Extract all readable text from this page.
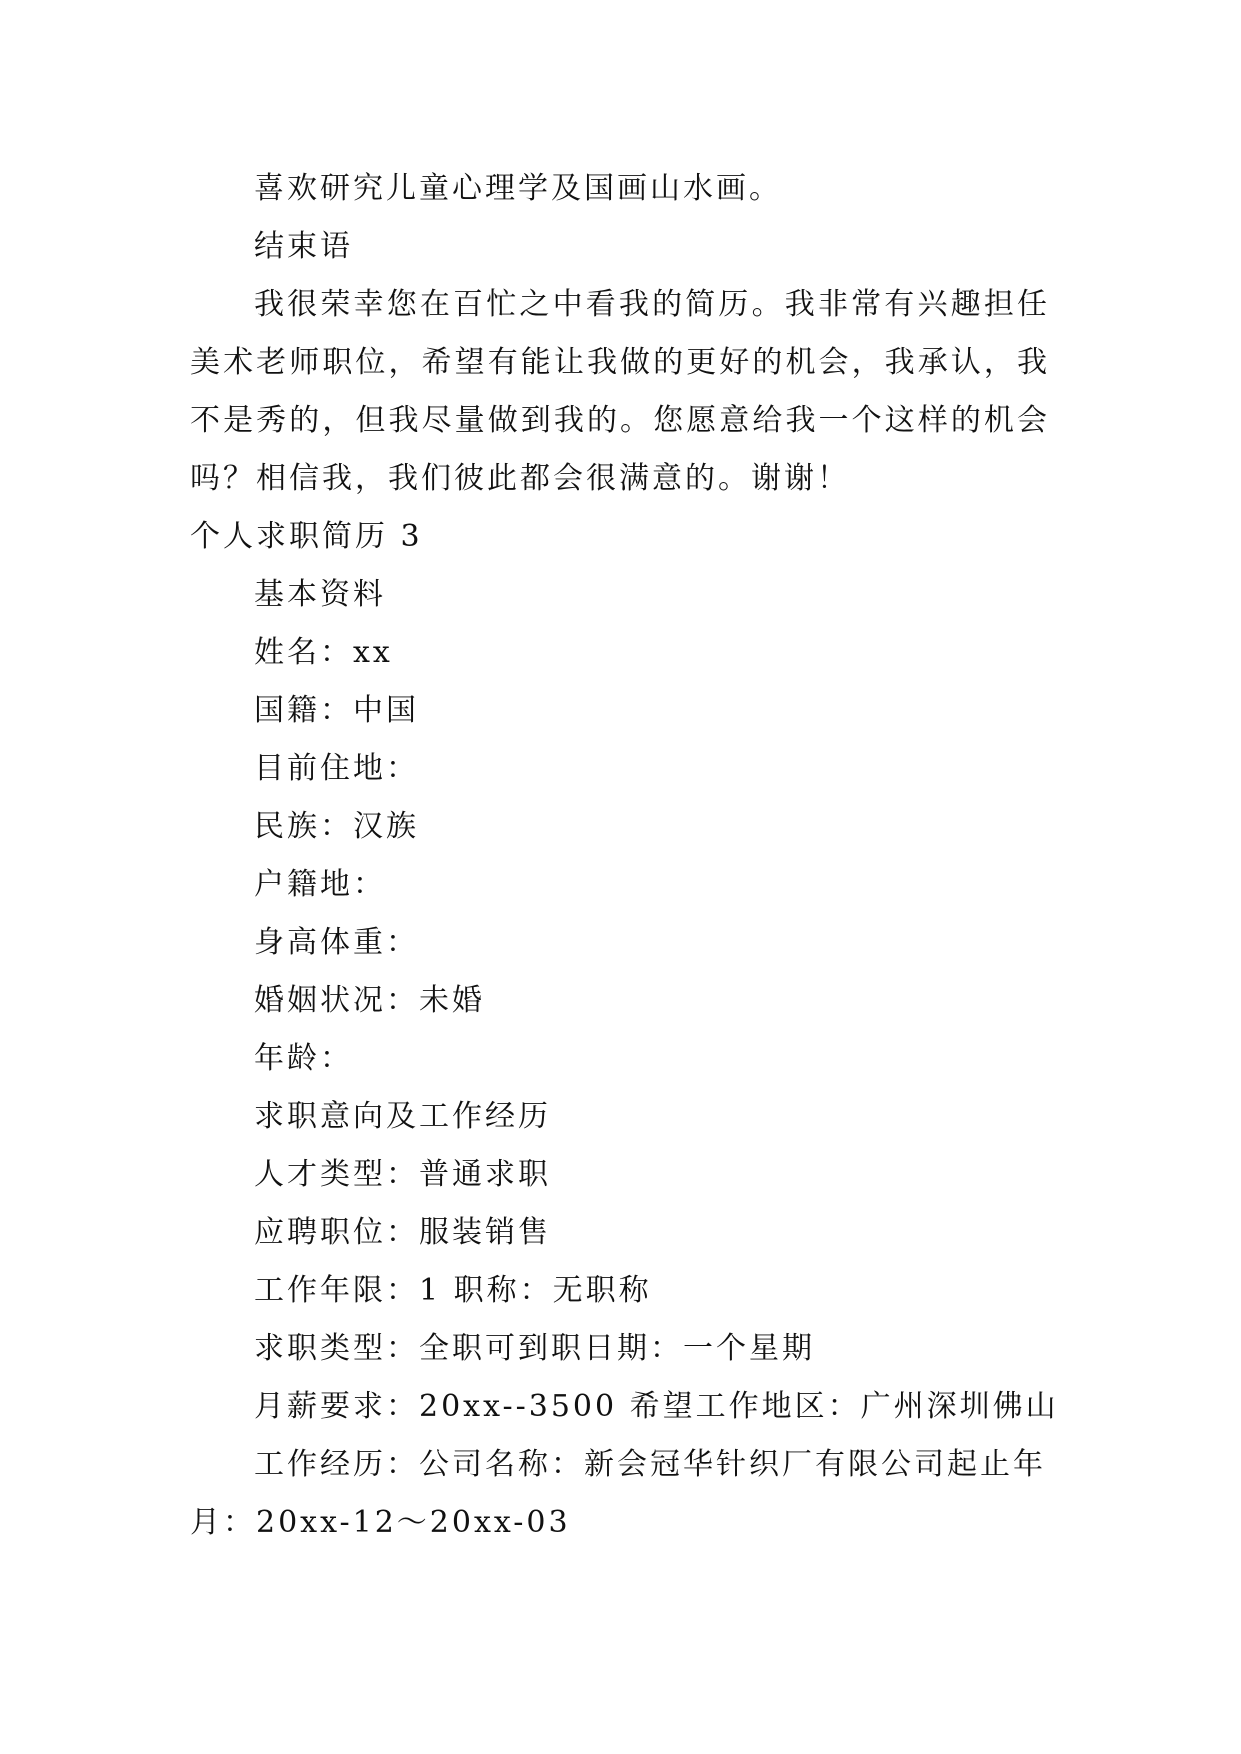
喜欢研究儿童心理学及国画山水画。
结束语
我很荣幸您在百忙之中看我的简历。我非常有兴趣担任美术老师职位，希望有能让我做的更好的机会，我承认，我不是秀的，但我尽量做到我的。您愿意给我一个这样的机会吗？相信我，我们彼此都会很满意的。谢谢！
个人求职简历 3
基本资料
姓名：xx
国籍：中国
目前住地：
民族：汉族
户籍地：
身高体重：
婚姻状况：未婚
年龄：
求职意向及工作经历
人才类型：普通求职
应聘职位：服装销售
工作年限：1 职称：无职称
求职类型：全职可到职日期：一个星期
月薪要求：20xx--3500 希望工作地区：广州深圳佛山
工作经历：公司名称：新会冠华针织厂有限公司起止年月：20xx-12～20xx-03
